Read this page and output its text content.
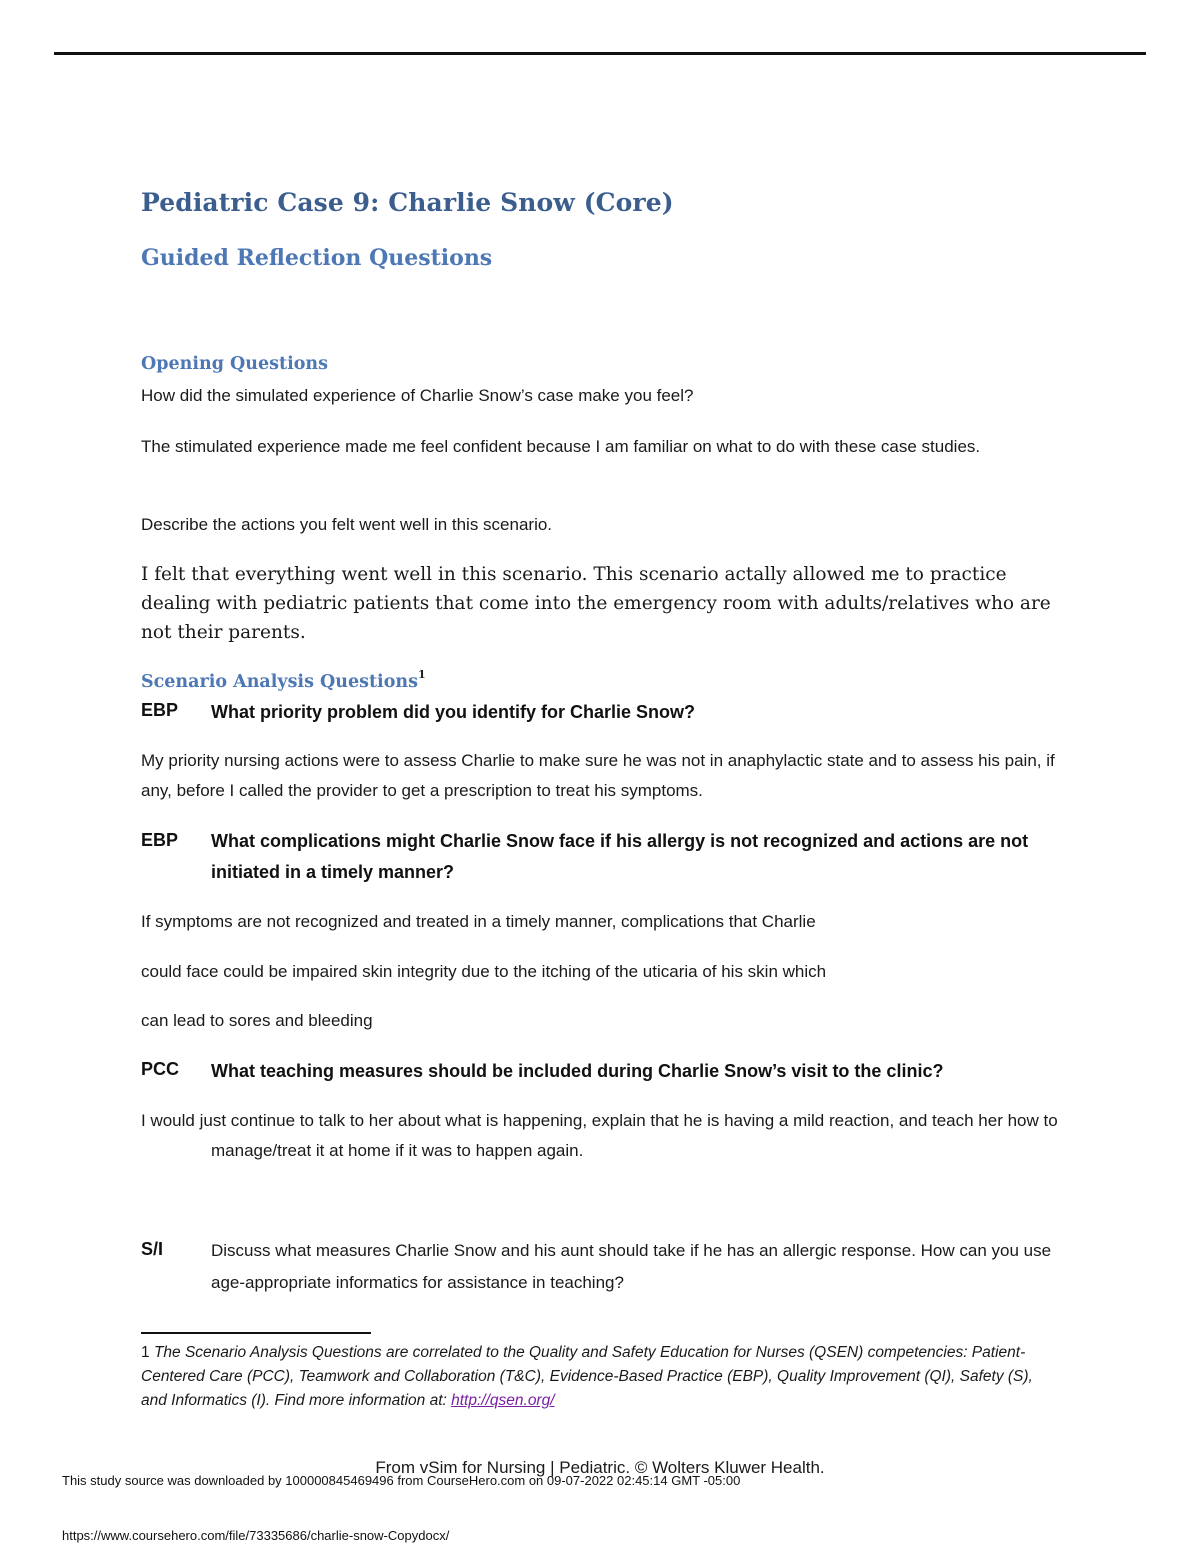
Pediatric Case 9: Charlie Snow (Core)
Guided Reflection Questions
Opening Questions
How did the simulated experience of Charlie Snow’s case make you feel?
The stimulated experience made me feel confident because I am familiar on what to do with these case studies.
Describe the actions you felt went well in this scenario.
I felt that everything went well in this scenario. This scenario actally allowed me to practice dealing with pediatric patients that come into the emergency room with adults/relatives who are not their parents.
Scenario Analysis Questions$^1$
EBP What priority problem did you identify for Charlie Snow?
My priority nursing actions were to assess Charlie to make sure he was not in anaphylactic state and to assess his pain, if any, before I called the provider to get a prescription to treat his symptoms.
EBP What complications might Charlie Snow face if his allergy is not recognized and actions are not initiated in a timely manner?
If symptoms are not recognized and treated in a timely manner, complications that Charlie
could face could be impaired skin integrity due to the itching of the uticaria of his skin which
can lead to sores and bleeding
PCC What teaching measures should be included during Charlie Snow’s visit to the clinic?
I would just continue to talk to her about what is happening, explain that he is having a mild reaction, and teach her how to manage/treat it at home if it was to happen again.
S/I	Discuss what measures Charlie Snow and his aunt should take if he has an allergic response. How can you use age-appropriate informatics for assistance in teaching?
1 The Scenario Analysis Questions are correlated to the Quality and Safety Education for Nurses (QSEN) competencies: Patient-Centered Care (PCC), Teamwork and Collaboration (T&C), Evidence-Based Practice (EBP), Quality Improvement (QI), Safety (S), and Informatics (I). Find more information at: http://qsen.org/
From vSim for Nursing | Pediatric. © Wolters Kluwer Health.
This study source was downloaded by 100000845469496 from CourseHero.com on 09-07-2022 02:45:14 GMT -05:00
https://www.coursehero.com/file/73335686/charlie-snow-Copydocx/
